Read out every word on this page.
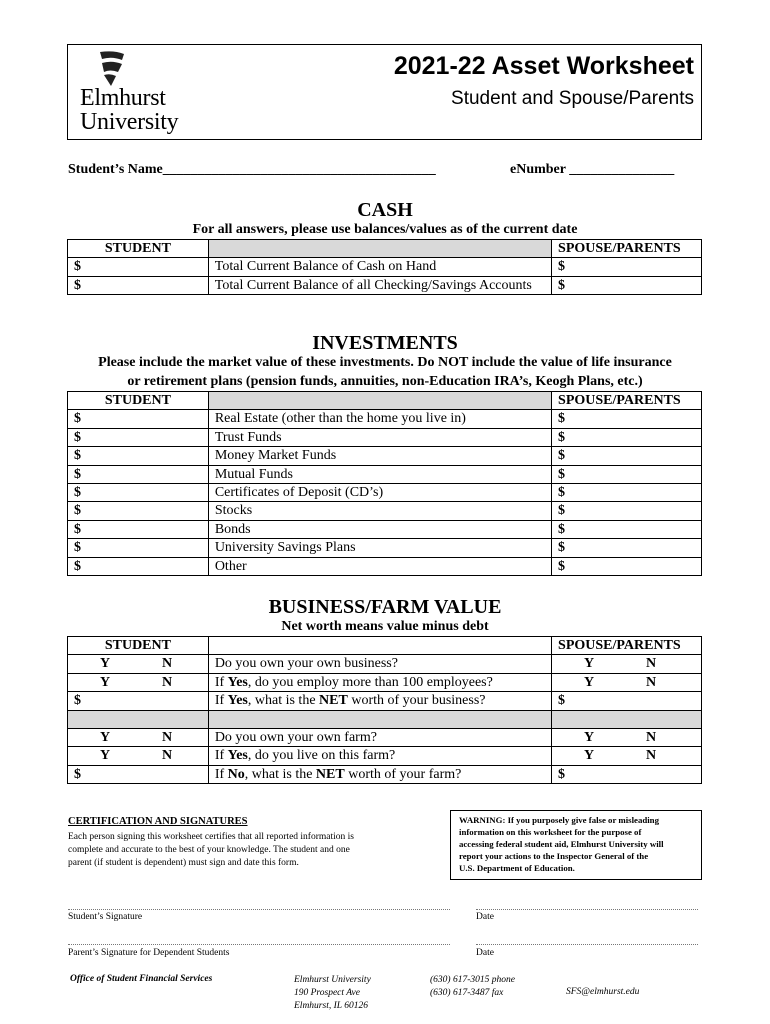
Elmhurst
University
2021-22 Asset Worksheet
Student and Spouse/Parents
Student’s Name_______________________________________	eNumber _______________
CASH
For all answers, please use balances/values as of the current date
STUDENT		SPOUSE/PARENTS
$	Total Current Balance of Cash on Hand	$
$	Total Current Balance of all Checking/Savings Accounts	$
INVESTMENTS
Please include the market value of these investments. Do NOT include the value of life insurance
or retirement plans (pension funds, annuities, non-Education IRA’s, Keogh Plans, etc.)
STUDENT		SPOUSE/PARENTS
$	Real Estate (other than the home you live in)	$
$	Trust Funds	$
$	Money Market Funds	$
$	Mutual Funds	$
$	Certificates of Deposit (CD’s)	$
$	Stocks	$
$	Bonds	$
$	University Savings Plans	$
$	Other	$
BUSINESS/FARM VALUE
Net worth means value minus debt
STUDENT		SPOUSE/PARENTS
Y N	Do you own your own business?	Y N
Y N	If Yes, do you employ more than 100 employees?	Y N
$	If Yes, what is the NET worth of your business?	$

Y N	Do you own your own farm?	Y N
Y N	If Yes, do you live on this farm?	Y N
$	If No, what is the NET worth of your farm?	$
CERTIFICATION AND SIGNATURES
Each person signing this worksheet certifies that all reported information is
complete and accurate to the best of your knowledge. The student and one
parent (if student is dependent) must sign and date this form.
WARNING: If you purposely give false or misleading
information on this worksheet for the purpose of
accessing federal student aid, Elmhurst University will
report your actions to the Inspector General of the
U.S. Department of Education.
Student’s Signature	Date
Parent’s Signature for Dependent Students	Date
Office of Student Financial Services	Elmhurst University
190 Prospect Ave
Elmhurst, IL 60126
(630) 617-3015 phone
(630) 617-3487 fax	SFS@elmhurst.edu
